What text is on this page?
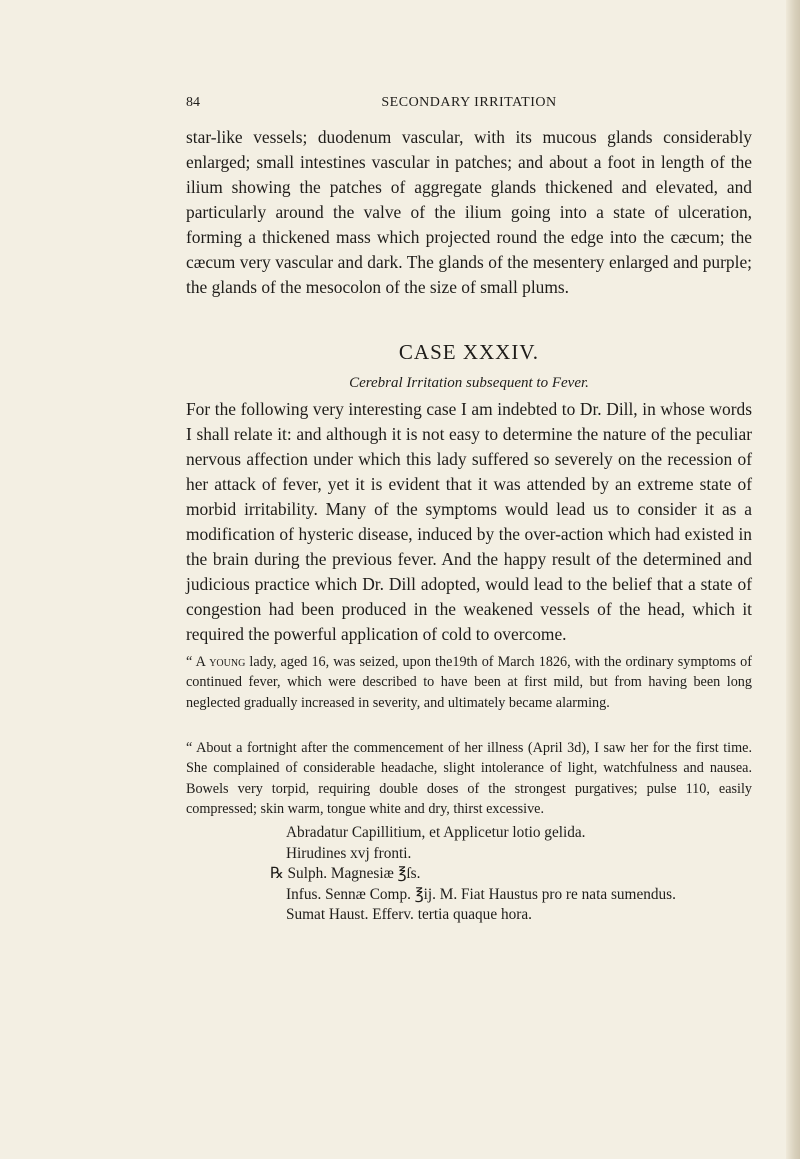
84	SECONDARY IRRITATION

star-like vessels; duodenum vascular, with its mucous glands considerably enlarged; small intestines vascular in patches; and about a foot in length of the ilium showing the patches of aggregate glands thickened and elevated, and particularly around the valve of the ilium going into a state of ulceration, forming a thickened mass which projected round the edge into the cæcum; the cæcum very vascular and dark. The glands of the mesentery enlarged and purple; the glands of the mesocolon of the size of small plums.

CASE XXXIV.
Cerebral Irritation subsequent to Fever.

For the following very interesting case I am indebted to Dr. Dill, in whose words I shall relate it: and although it is not easy to determine the nature of the peculiar nervous affection under which this lady suffered so severely on the recession of her attack of fever, yet it is evident that it was attended by an extreme state of morbid irritability. Many of the symptoms would lead us to consider it as a modification of hysteric disease, induced by the over-action which had existed in the brain during the previous fever. And the happy result of the determined and judicious practice which Dr. Dill adopted, would lead to the belief that a state of congestion had been produced in the weakened vessels of the head, which it required the powerful application of cold to overcome.

“ A young lady, aged 16, was seized, upon the19th of March 1826, with the ordinary symptoms of continued fever, which were described to have been at first mild, but from having been long neglected gradually increased in severity, and ultimately became alarming.

“ About a fortnight after the commencement of her illness (April 3d), I saw her for the first time. She complained of considerable headache, slight intolerance of light, watchfulness and nausea. Bowels very torpid, requiring double doses of the strongest purgatives; pulse 110, easily compressed; skin warm, tongue white and dry, thirst excessive.

Abradatur Capillitium, et Applicetur lotio gelida.
Hirudines xvj fronti.
℞ Sulph. Magnesiæ ℥ſs.
Infus. Sennæ Comp. ℥ij. M. Fiat Haustus pro re nata sumendus.
Sumat Haust. Efferv. tertia quaque hora.
